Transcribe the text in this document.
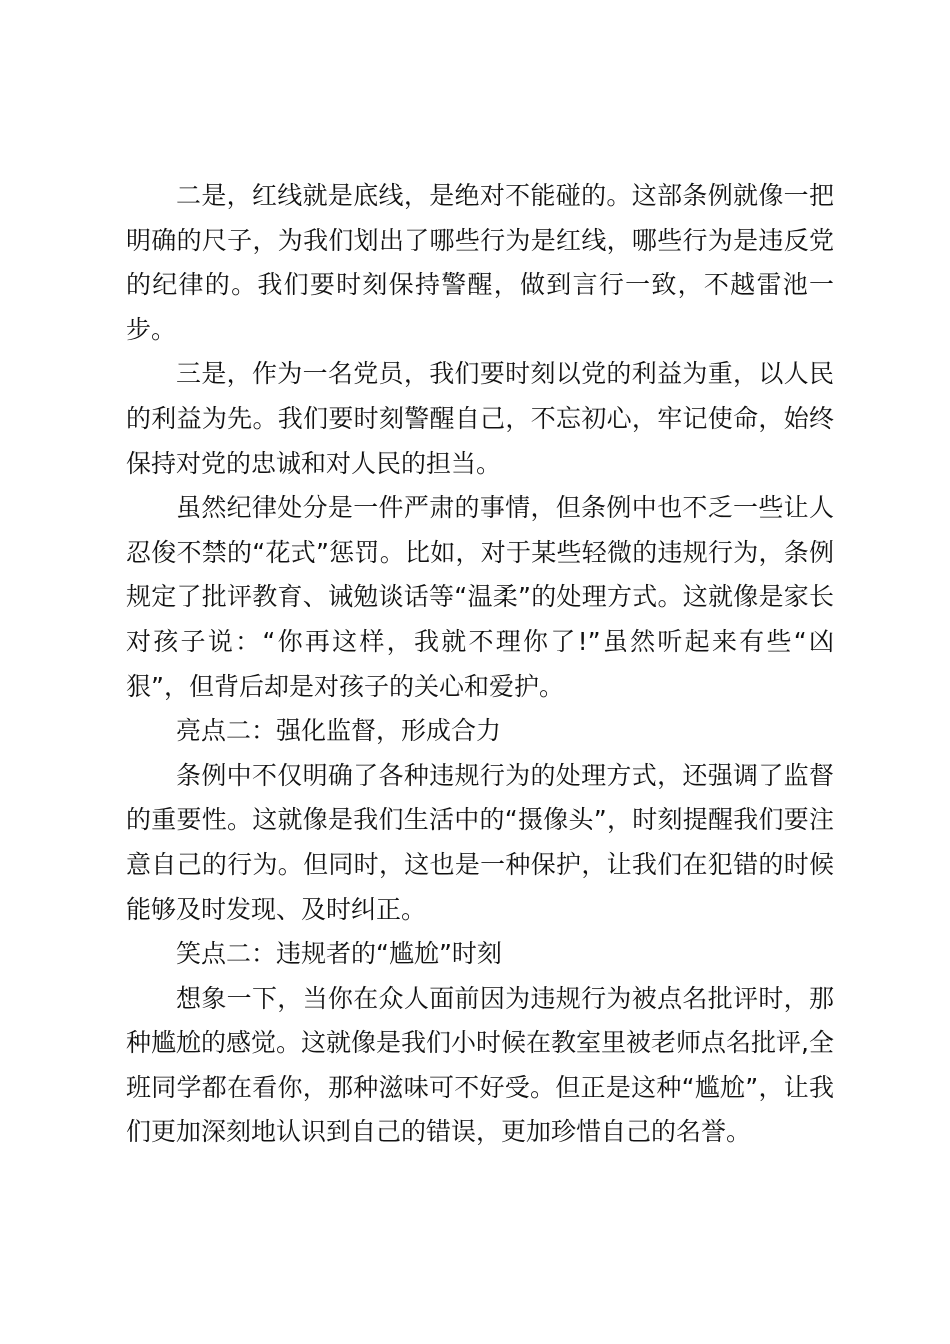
二是，红线就是底线，是绝对不能碰的。这部条例就像一把明确的尺子，为我们划出了哪些行为是红线，哪些行为是违反党的纪律的。我们要时刻保持警醒，做到言行一致，不越雷池一步。

三是，作为一名党员，我们要时刻以党的利益为重，以人民的利益为先。我们要时刻警醒自己，不忘初心，牢记使命，始终保持对党的忠诚和对人民的担当。

虽然纪律处分是一件严肃的事情，但条例中也不乏一些让人忍俊不禁的“花式”惩罚。比如，对于某些轻微的违规行为，条例规定了批评教育、诫勉谈话等“温柔”的处理方式。这就像是家长对孩子说：“你再这样，我就不理你了!”虽然听起来有些“凶狠”，但背后却是对孩子的关心和爱护。

亮点二：强化监督，形成合力

条例中不仅明确了各种违规行为的处理方式，还强调了监督的重要性。这就像是我们生活中的“摄像头”，时刻提醒我们要注意自己的行为。但同时，这也是一种保护，让我们在犯错的时候能够及时发现、及时纠正。

笑点二：违规者的“尴尬”时刻

想象一下，当你在众人面前因为违规行为被点名批评时，那种尴尬的感觉。这就像是我们小时候在教室里被老师点名批评,全班同学都在看你，那种滋味可不好受。但正是这种“尴尬”，让我们更加深刻地认识到自己的错误，更加珍惜自己的名誉。
